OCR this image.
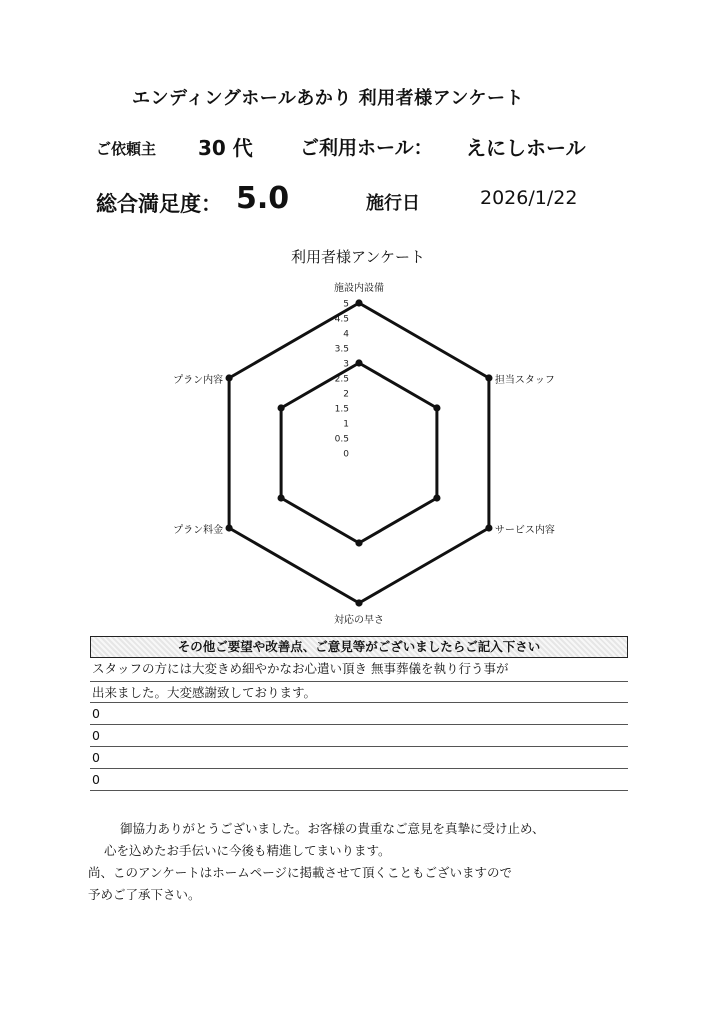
エンディングホールあかり 利用者様アンケート
ご依頼主 30 代 ご利用ホール： えにしホール
総合満足度： 5.0	施行日	2026/1/22
利用者様アンケート
5
4.5
4
3.5
3
2.5
2
1.5
1
0.5
0
施設内設備
担当スタッフ
サービス内容
対応の早さ
プラン料金
プラン内容
その他ご要望や改善点、ご意見等がございましたらご記入下さい
スタッフの方には大変きめ細やかなお心遣い頂き 無事葬儀を執り行う事が
出来ました。大変感謝致しております。
0
0
0
0
御協力ありがとうございました。お客様の貴重なご意見を真摯に受け止め、
心を込めたお手伝いに今後も精進してまいります。
尚、このアンケートはホームページに掲載させて頂くこともございますので
予めご了承下さい。
